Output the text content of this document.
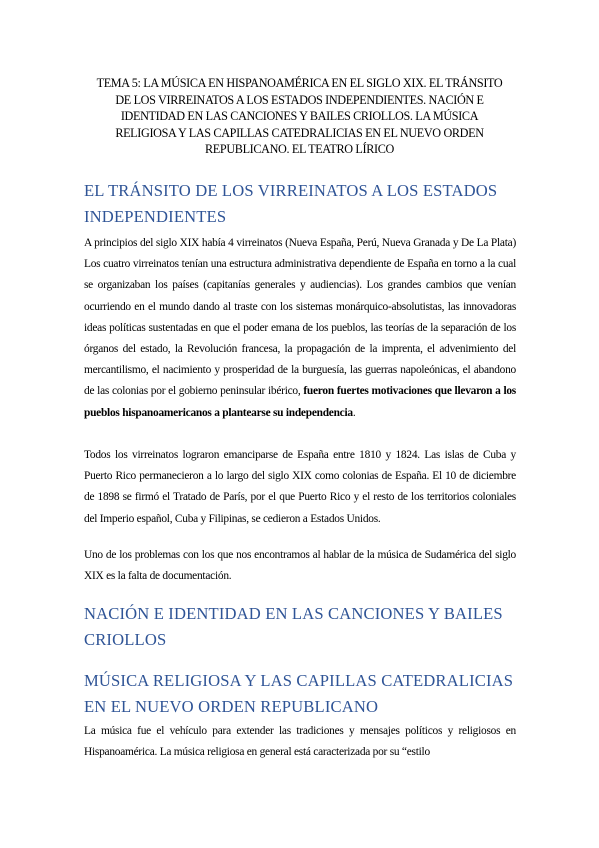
TEMA 5: LA MÚSICA EN HISPANOAMÉRICA EN EL SIGLO XIX. EL TRÁNSITO DE LOS VIRREINATOS A LOS ESTADOS INDEPENDIENTES. NACIÓN E IDENTIDAD EN LAS CANCIONES Y BAILES CRIOLLOS. LA MÚSICA RELIGIOSA Y LAS CAPILLAS CATEDRALICIAS EN EL NUEVO ORDEN REPUBLICANO. EL TEATRO LÍRICO
EL TRÁNSITO DE LOS VIRREINATOS A LOS ESTADOS INDEPENDIENTES

A principios del siglo XIX había 4 virreinatos (Nueva España, Perú, Nueva Granada y De La Plata) Los cuatro virreinatos tenían una estructura administrativa dependiente de España en torno a la cual se organizaban los países (capitanías generales y audiencias). Los grandes cambios que venían ocurriendo en el mundo dando al traste con los sistemas monárquico-absolutistas, las innovadoras ideas políticas sustentadas en que el poder emana de los pueblos, las teorías de la separación de los órganos del estado, la Revolución francesa, la propagación de la imprenta, el advenimiento del mercantilismo, el nacimiento y prosperidad de la burguesía, las guerras napoleónicas, el abandono de las colonias por el gobierno peninsular ibérico, fueron fuertes motivaciones que llevaron a los pueblos hispanoamericanos a plantearse su independencia.

Todos los virreinatos lograron emanciparse de España entre 1810 y 1824. Las islas de Cuba y Puerto Rico permanecieron a lo largo del siglo XIX como colonias de España. El 10 de diciembre de 1898 se firmó el Tratado de París, por el que Puerto Rico y el resto de los territorios coloniales del Imperio español, Cuba y Filipinas, se cedieron a Estados Unidos.

Uno de los problemas con los que nos encontramos al hablar de la música de Sudamérica del siglo XIX es la falta de documentación.

NACIÓN E IDENTIDAD EN LAS CANCIONES Y BAILES CRIOLLOS
MÚSICA RELIGIOSA Y LAS CAPILLAS CATEDRALICIAS EN EL NUEVO ORDEN REPUBLICANO

La música fue el vehículo para extender las tradiciones y mensajes políticos y religiosos en Hispanoamérica. La música religiosa en general está caracterizada por su “estilo
